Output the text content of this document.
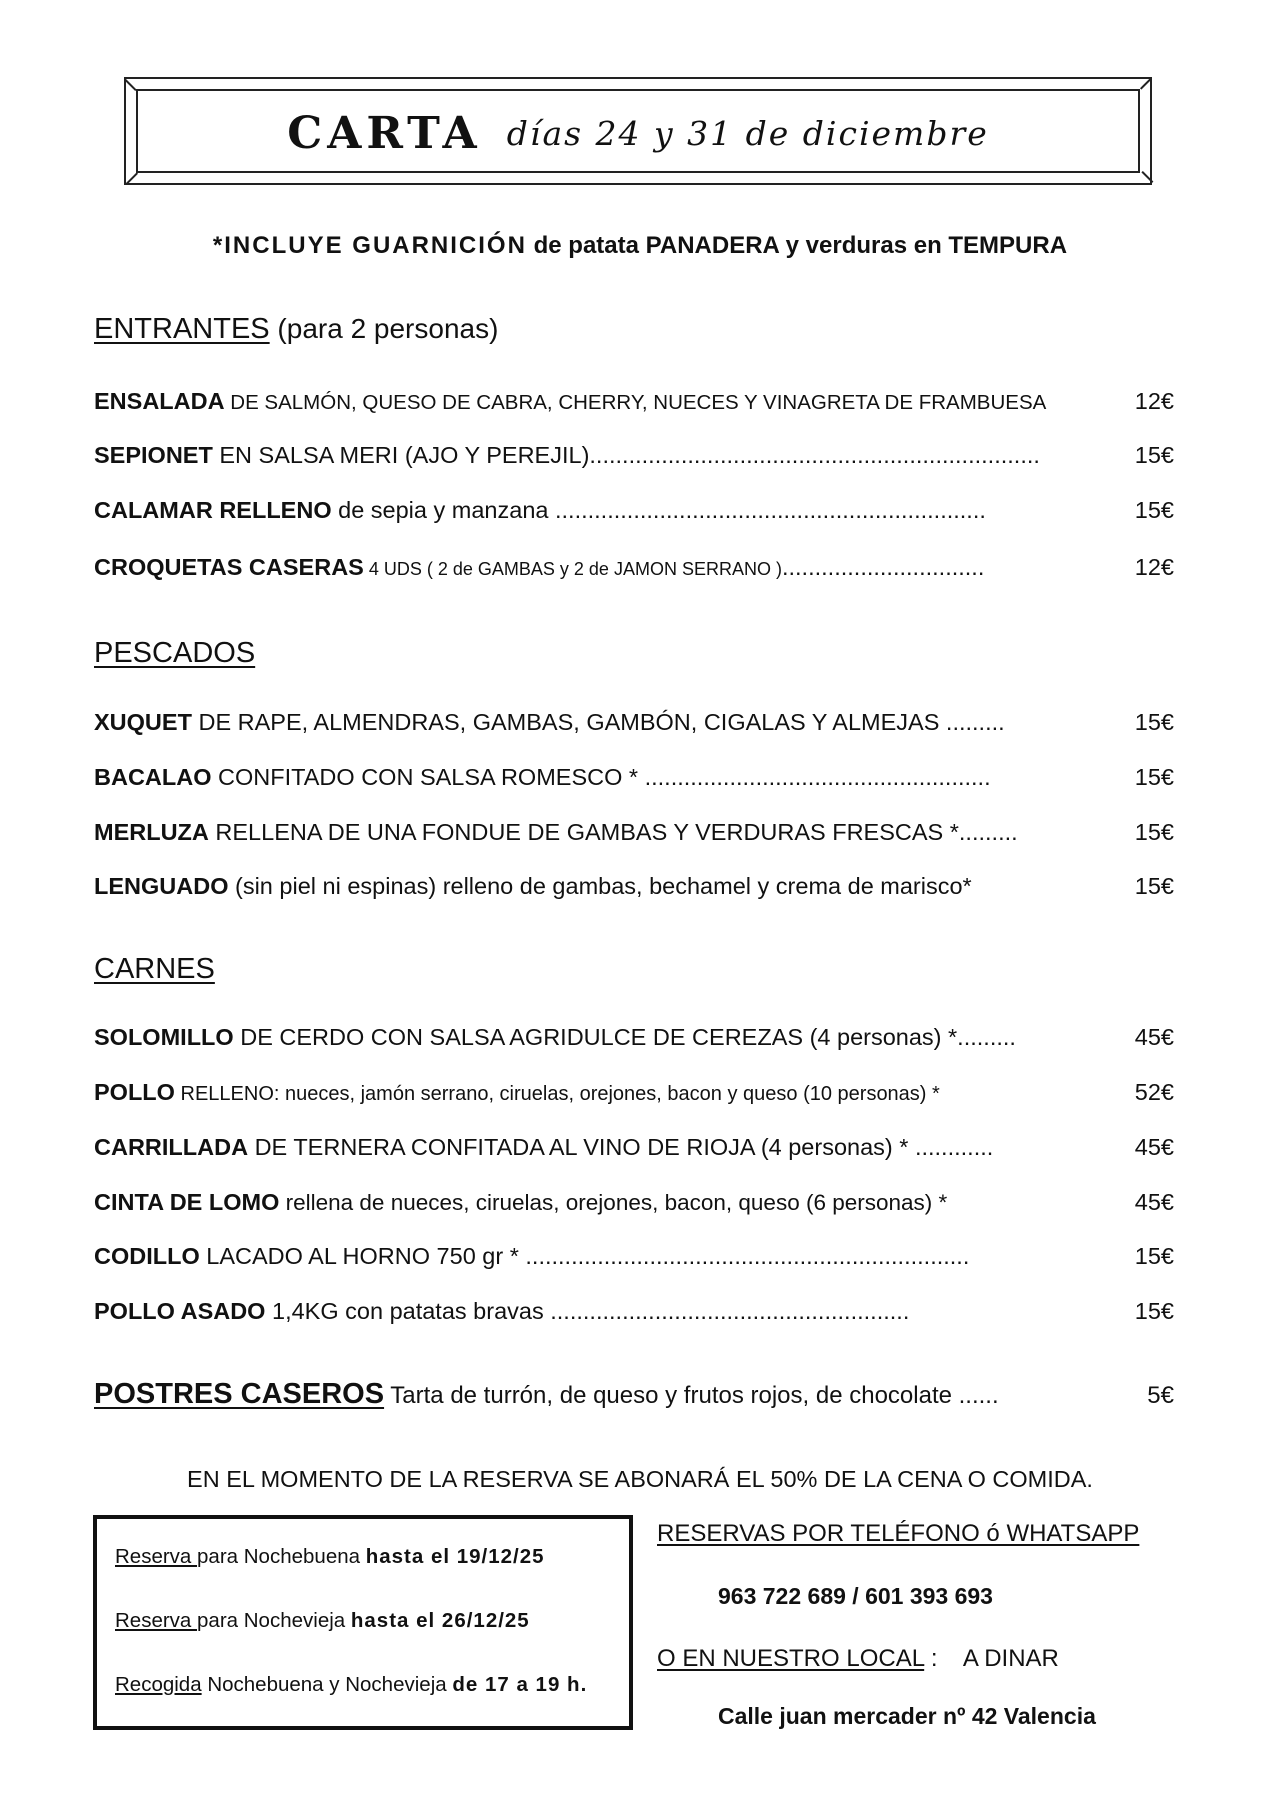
CARTA días 24 y 31 de diciembre
*INCLUYE GUARNICIÓN de patata PANADERA y verduras en TEMPURA
ENTRANTES (para 2 personas)
ENSALADA DE SALMÓN, QUESO DE CABRA, CHERRY, NUECES Y VINAGRETA DE FRAMBUESA	12€
SEPIONET EN SALSA MERI (AJO Y PEREJIL).....................................................................	15€
CALAMAR RELLENO de sepia y manzana ..................................................................	15€
CROQUETAS CASERAS 4 UDS ( 2 de GAMBAS y 2 de JAMON SERRANO )...............................	12€
PESCADOS
XUQUET DE RAPE, ALMENDRAS, GAMBAS, GAMBÓN, CIGALAS Y ALMEJAS .........	15€
BACALAO CONFITADO CON SALSA ROMESCO * .....................................................	15€
MERLUZA RELLENA DE UNA FONDUE DE GAMBAS Y VERDURAS FRESCAS *.........	15€
LENGUADO (sin piel ni espinas) relleno de gambas, bechamel y crema de marisco*	15€
CARNES
SOLOMILLO DE CERDO CON SALSA AGRIDULCE DE CEREZAS (4 personas) *.........	45€
POLLO RELLENO: nueces, jamón serrano, ciruelas, orejones, bacon y queso (10 personas) *	52€
CARRILLADA DE TERNERA CONFITADA AL VINO DE RIOJA (4 personas) * ............	45€
CINTA DE LOMO rellena de nueces, ciruelas, orejones, bacon, queso (6 personas) *	45€
CODILLO LACADO AL HORNO 750 gr * ....................................................................	15€
POLLO ASADO 1,4KG con patatas bravas .......................................................	15€
POSTRES CASEROS Tarta de turrón, de queso y frutos rojos, de chocolate ......	5€
EN EL MOMENTO DE LA RESERVA SE ABONARÁ EL 50% DE LA CENA O COMIDA.
Reserva para Nochebuena hasta el 19/12/25
Reserva para Nochevieja hasta el 26/12/25
Recogida Nochebuena y Nochevieja de 17 a 19 h.
RESERVAS POR TELÉFONO ó WHATSAPP
963 722 689 / 601 393 693
O EN NUESTRO LOCAL :    A DINAR
Calle juan mercader nº 42 Valencia
